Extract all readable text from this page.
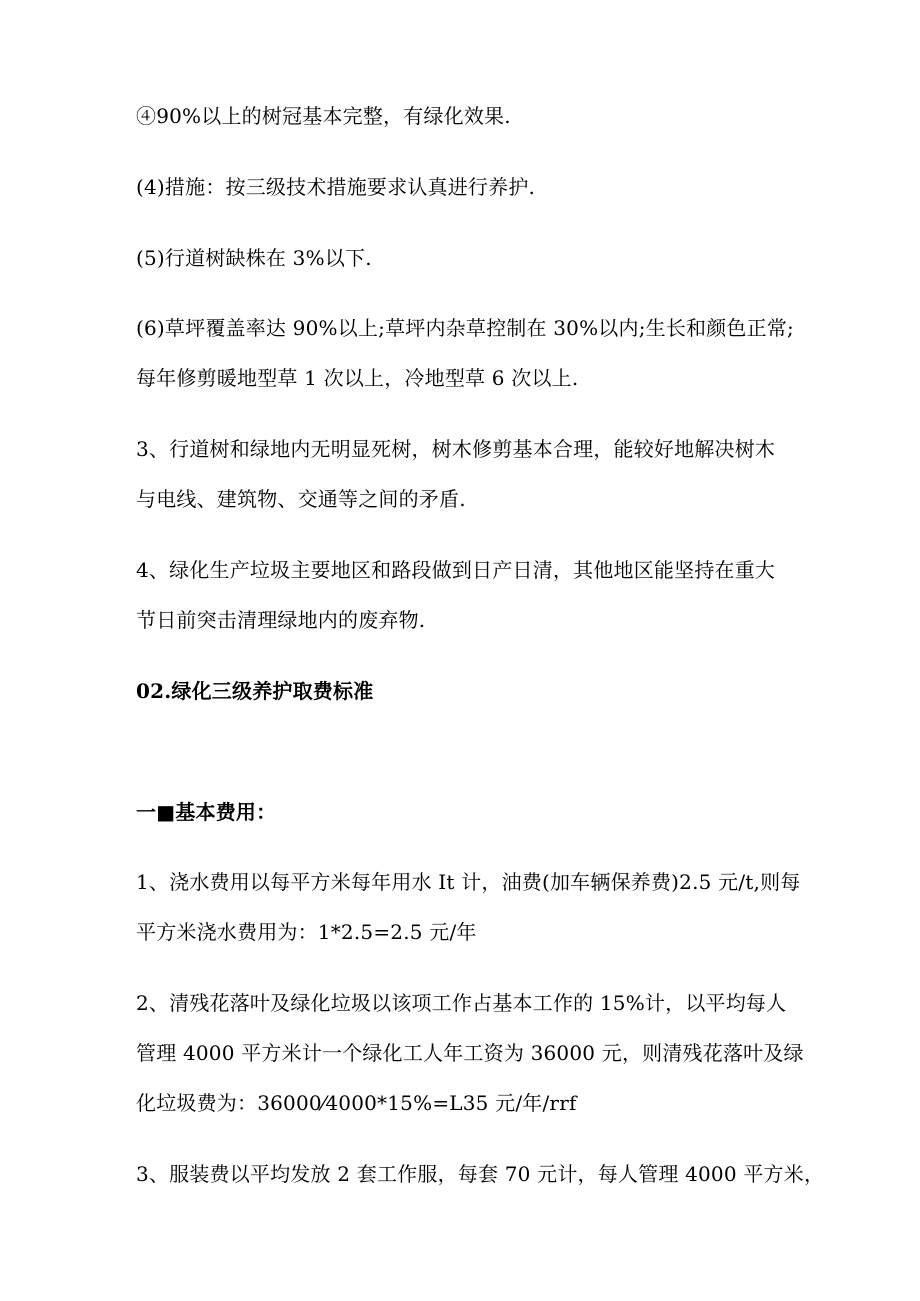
④90%以上的树冠基本完整，有绿化效果.
(4)措施：按三级技术措施要求认真进行养护.
(5)行道树缺株在 3%以下.
(6)草坪覆盖率达 90%以上;草坪内杂草控制在 30%以内;生长和颜色正常;
每年修剪暖地型草 1 次以上，冷地型草 6 次以上.
3、行道树和绿地内无明显死树，树木修剪基本合理，能较好地解决树木
与电线、建筑物、交通等之间的矛盾.
4、绿化生产垃圾主要地区和路段做到日产日清，其他地区能坚持在重大
节日前突击清理绿地内的废弃物.
02.绿化三级养护取费标准
一■基本费用：
1、浇水费用以每平方米每年用水 It 计，油费(加车辆保养费)2.5 元/t,则每
平方米浇水费用为：1*2.5=2.5 元/年
2、清残花落叶及绿化垃圾以该项工作占基本工作的 15%计，以平均每人
管理 4000 平方米计一个绿化工人年工资为 36000 元，则清残花落叶及绿
化垃圾费为：36000⁄4000*15%=L35 元/年/rrf
3、服装费以平均发放 2 套工作服，每套 70 元计，每人管理 4000 平方米，
